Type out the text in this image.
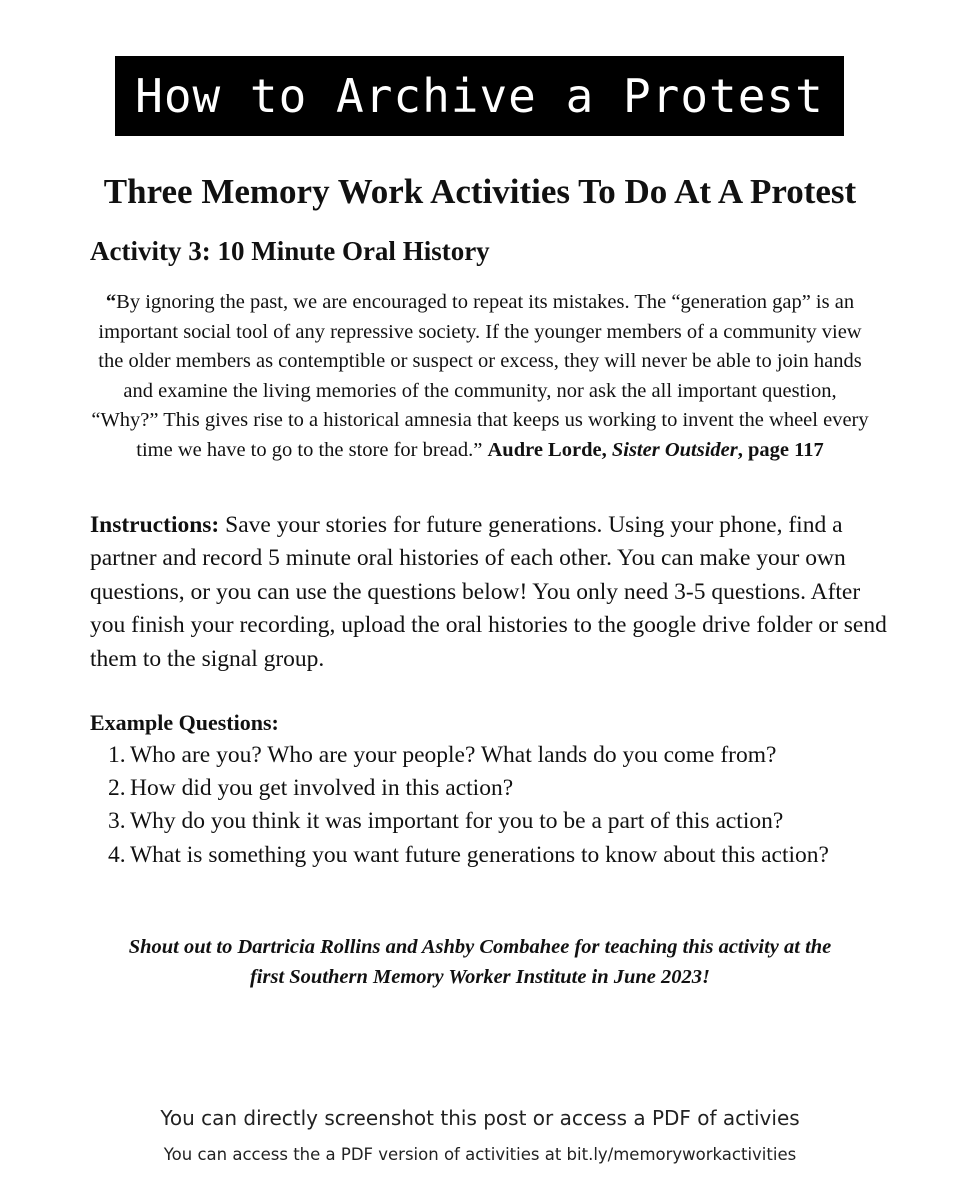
How to Archive a Protest
Three Memory Work Activities To Do At A Protest
Activity 3: 10 Minute Oral History

“By ignoring the past, we are encouraged to repeat its mistakes. The “generation gap” is an important social tool of any repressive society. If the younger members of a community view the older members as contemptible or suspect or excess, they will never be able to join hands and examine the living memories of the community, nor ask the all important question, “Why?” This gives rise to a historical amnesia that keeps us working to invent the wheel every time we have to go to the store for bread.” Audre Lorde, Sister Outsider, page 117

Instructions: Save your stories for future generations. Using your phone, find a partner and record 5 minute oral histories of each other. You can make your own questions, or you can use the questions below! You only need 3-5 questions. After you finish your recording, upload the oral histories to the google drive folder or send them to the signal group.

Example Questions:
1. Who are you? Who are your people? What lands do you come from?
2. How did you get involved in this action?
3. Why do you think it was important for you to be a part of this action?
4. What is something you want future generations to know about this action?

Shout out to Dartricia Rollins and Ashby Combahee for teaching this activity at the
first Southern Memory Worker Institute in June 2023!

You can directly screenshot this post or access a PDF of activies

You can access the a PDF version of activities at bit.ly/memoryworkactivities
